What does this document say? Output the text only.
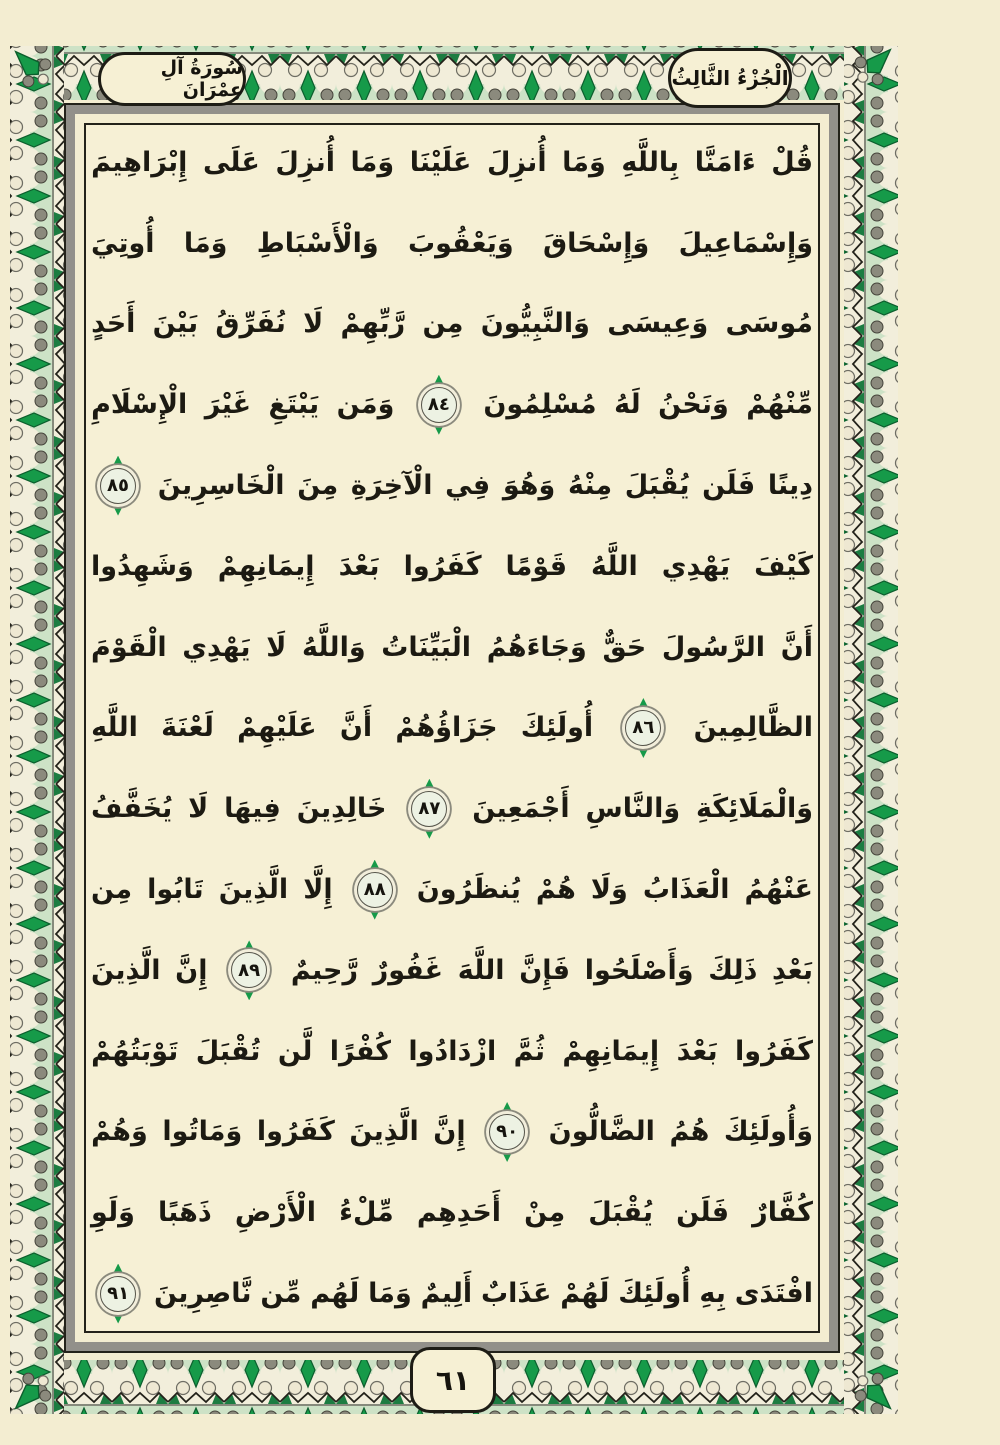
سُورَةُ آلِ عِمْرَانَ	الْجُزْءُ الثَّالِثُ
قُلْ
ءَامَنَّا
بِاللَّهِ
وَمَا
أُنزِلَ
عَلَيْنَا
وَمَا
أُنزِلَ
عَلَى
إِبْرَاهِيمَ
وَإِسْمَاعِيلَ
وَإِسْحَاقَ
وَيَعْقُوبَ
وَالْأَسْبَاطِ
وَمَا
أُوتِيَ
مُوسَى
وَعِيسَى
وَالنَّبِيُّونَ
مِن
رَّبِّهِمْ
لَا
نُفَرِّقُ
بَيْنَ
أَحَدٍ
مِّنْهُمْ
وَنَحْنُ
لَهُ
مُسْلِمُونَ
٨٤
وَمَن
يَبْتَغِ
غَيْرَ
الْإِسْلَامِ
دِينًا
فَلَن
يُقْبَلَ
مِنْهُ
وَهُوَ
فِي
الْآخِرَةِ
مِنَ
الْخَاسِرِينَ
٨٥
كَيْفَ
يَهْدِي
اللَّهُ
قَوْمًا
كَفَرُوا
بَعْدَ
إِيمَانِهِمْ
وَشَهِدُوا
أَنَّ
الرَّسُولَ
حَقٌّ
وَجَاءَهُمُ
الْبَيِّنَاتُ
وَاللَّهُ
لَا
يَهْدِي
الْقَوْمَ
الظَّالِمِينَ
٨٦
أُولَئِكَ
جَزَاؤُهُمْ
أَنَّ
عَلَيْهِمْ
لَعْنَةَ
اللَّهِ
وَالْمَلَائِكَةِ
وَالنَّاسِ
أَجْمَعِينَ
٨٧
خَالِدِينَ
فِيهَا
لَا
يُخَفَّفُ
عَنْهُمُ
الْعَذَابُ
وَلَا
هُمْ
يُنظَرُونَ
٨٨
إِلَّا
الَّذِينَ
تَابُوا
مِن
بَعْدِ
ذَلِكَ
وَأَصْلَحُوا
فَإِنَّ
اللَّهَ
غَفُورٌ
رَّحِيمٌ
٨٩
إِنَّ
الَّذِينَ
كَفَرُوا
بَعْدَ
إِيمَانِهِمْ
ثُمَّ
ازْدَادُوا
كُفْرًا
لَّن
تُقْبَلَ
تَوْبَتُهُمْ
وَأُولَئِكَ
هُمُ
الضَّالُّونَ
٩٠
إِنَّ
الَّذِينَ
كَفَرُوا
وَمَاتُوا
وَهُمْ
كُفَّارٌ
فَلَن
يُقْبَلَ
مِنْ
أَحَدِهِم
مِّلْءُ
الْأَرْضِ
ذَهَبًا
وَلَوِ
افْتَدَى
بِهِ
أُولَئِكَ
لَهُمْ
عَذَابٌ
أَلِيمٌ
وَمَا
لَهُم
مِّن
نَّاصِرِينَ
٩١
٦١
